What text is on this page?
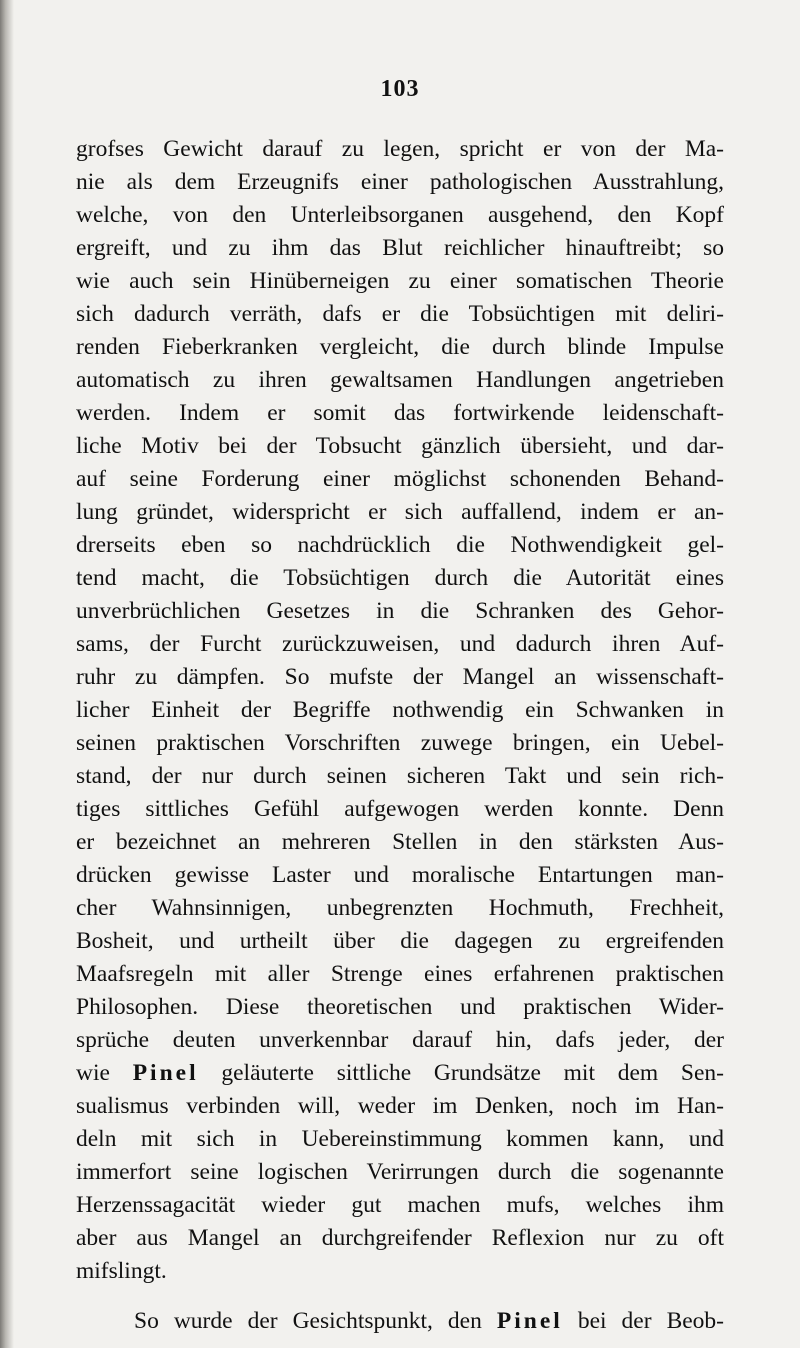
103
grofses Gewicht darauf zu legen, spricht er von der Ma-
nie als dem Erzeugnifs einer pathologischen Ausstrahlung,
welche, von den Unterleibsorganen ausgehend, den Kopf
ergreift, und zu ihm das Blut reichlicher hinauftreibt; so
wie auch sein Hinüberneigen zu einer somatischen Theorie
sich dadurch verräth, dafs er die Tobsüchtigen mit deliri-
renden Fieberkranken vergleicht, die durch blinde Impulse
automatisch zu ihren gewaltsamen Handlungen angetrieben
werden. Indem er somit das fortwirkende leidenschaft-
liche Motiv bei der Tobsucht gänzlich übersieht, und dar-
auf seine Forderung einer möglichst schonenden Behand-
lung gründet, widerspricht er sich auffallend, indem er an-
drerseits eben so nachdrücklich die Nothwendigkeit gel-
tend macht, die Tobsüchtigen durch die Autorität eines
unverbrüchlichen Gesetzes in die Schranken des Gehor-
sams, der Furcht zurückzuweisen, und dadurch ihren Auf-
ruhr zu dämpfen. So mufste der Mangel an wissenschaft-
licher Einheit der Begriffe nothwendig ein Schwanken in
seinen praktischen Vorschriften zuwege bringen, ein Uebel-
stand, der nur durch seinen sicheren Takt und sein rich-
tiges sittliches Gefühl aufgewogen werden konnte. Denn
er bezeichnet an mehreren Stellen in den stärksten Aus-
drücken gewisse Laster und moralische Entartungen man-
cher Wahnsinnigen, unbegrenzten Hochmuth, Frechheit,
Bosheit, und urtheilt über die dagegen zu ergreifenden
Maafsregeln mit aller Strenge eines erfahrenen praktischen
Philosophen. Diese theoretischen und praktischen Wider-
sprüche deuten unverkennbar darauf hin, dafs jeder, der
wie Pinel geläuterte sittliche Grundsätze mit dem Sen-
sualismus verbinden will, weder im Denken, noch im Han-
deln mit sich in Uebereinstimmung kommen kann, und
immerfort seine logischen Verirrungen durch die sogenannte
Herzenssagacität wieder gut machen mufs, welches ihm
aber aus Mangel an durchgreifender Reflexion nur zu oft
mifslingt.
So wurde der Gesichtspunkt, den Pinel bei der Beob-
